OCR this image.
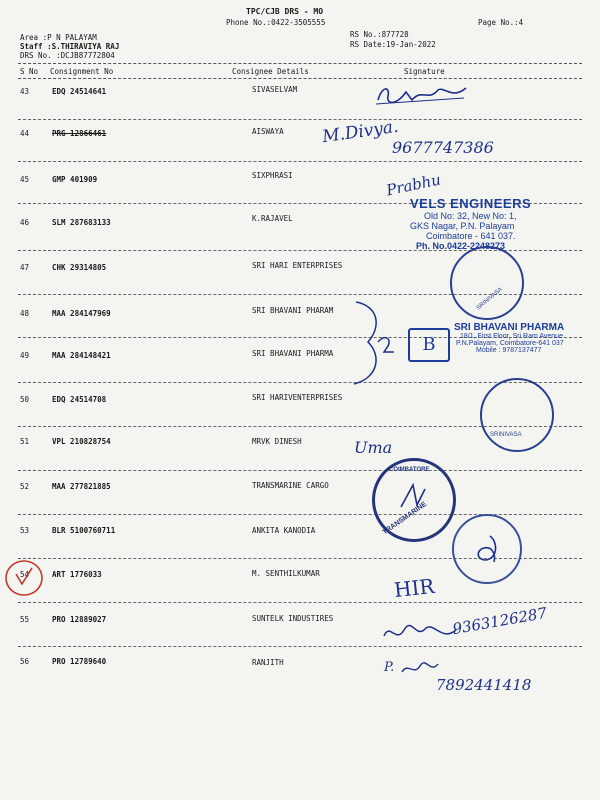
TPC/CJB DRS - MO
Phone No.:0422-3505555	Page No.:4
Area :P N PALAYAM
Staff :S.THIRAVIYA RAJ
DRS No. :DCJB87772804
RS No.:877728
RS Date:19-Jan-2022
S No Consignment No	Consignee Details	Signature
43	EDQ 24514641	SIVASELVAM
44	PRG 12866461	AISWAYA
45	GMP 401909	SIXPHRASI
46	SLM 287683133	K.RAJAVEL
47	CHK 29314805	SRI HARI ENTERPRISES
48	MAA 284147969	SRI BHAVANI PHARAM
49	MAA 284148421	SRI BHAVANI PHARMA
50	EDQ 24514708	SRI HARIVENTERPRISES
51	VPL 210828754	MRVK DINESH
52	MAA 277821885	TRANSMARINE CARGO
53	BLR 5100760711	ANKITA KANODIA
54	ART 1776033	M. SENTHILKUMAR
55	PRO 12889027	SUNTELK INDUSTIRES
56	PRO 12789640	RANJITH
M.Divya.
9677747386
Prabhu
Uma
HIR
9363126287
P.
7892441418
VELS ENGINEERS
Old No: 32, New No: 1,
GKS Nagar, P.N. Palayam
Coimbatore - 641 037.
Ph. No.0422-2248273
SRINIVASA
SRINIVASA
B
SRI BHAVANI PHARMA
18/1, First Floor, Sri Ram Avenue
P.N.Palayam, Coimbatore-641 037
Mobile : 9787137477
COIMBATORE
TRANSMARINE
